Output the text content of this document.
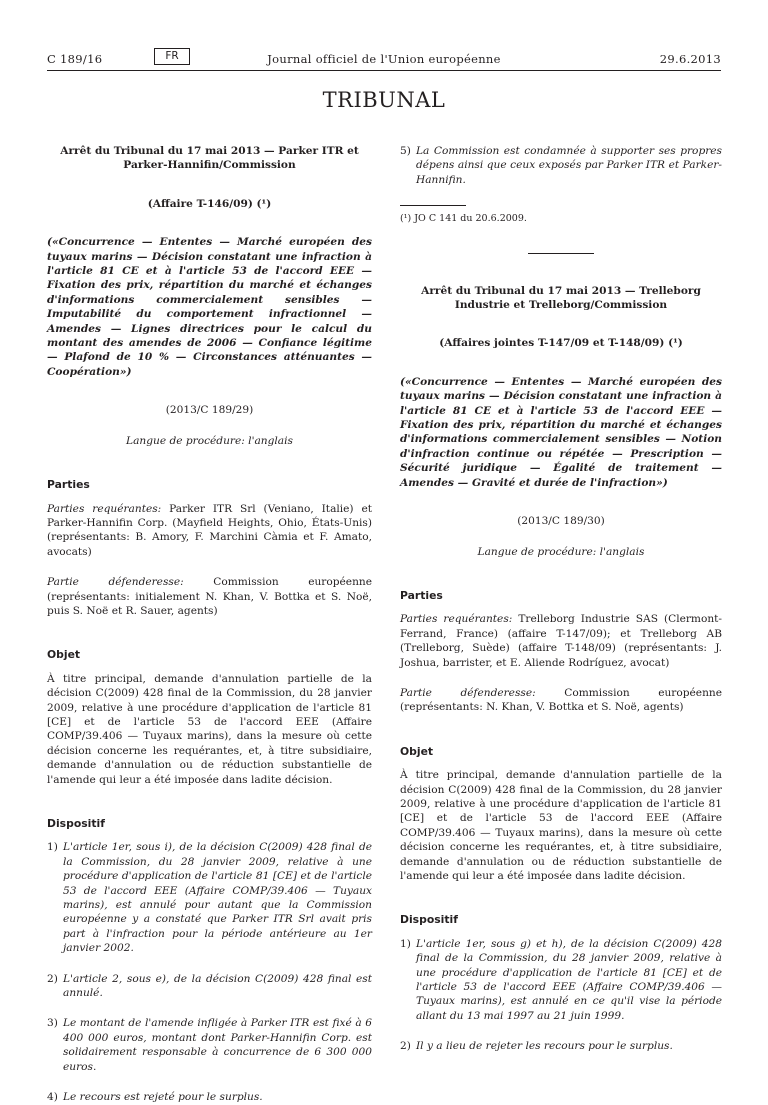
C 189/16	FR	Journal officiel de l'Union européenne	29.6.2013
TRIBUNAL

Arrêt du Tribunal du 17 mai 2013 — Parker ITR et Parker-Hannifin/Commission

(Affaire T-146/09) (¹)

(«Concurrence — Ententes — Marché européen des tuyaux marins — Décision constatant une infraction à l'article 81 CE et à l'article 53 de l'accord EEE — Fixation des prix, répartition du marché et échanges d'informations commercialement sensibles — Imputabilité du comportement infractionnel — Amendes — Lignes directrices pour le calcul du montant des amendes de 2006 — Confiance légitime — Plafond de 10 % — Circonstances atténuantes — Coopération»)

(2013/C 189/29)

Langue de procédure: l'anglais

Parties

Parties requérantes: Parker ITR Srl (Veniano, Italie) et Parker-Hannifin Corp. (Mayfield Heights, Ohio, États-Unis) (représentants: B. Amory, F. Marchini Càmia et F. Amato, avocats)

Partie défenderesse: Commission européenne (représentants: initialement N. Khan, V. Bottka et S. Noë, puis S. Noë et R. Sauer, agents)

Objet

À titre principal, demande d'annulation partielle de la décision C(2009) 428 final de la Commission, du 28 janvier 2009, relative à une procédure d'application de l'article 81 [CE] et de l'article 53 de l'accord EEE (Affaire COMP/39.406 — Tuyaux marins), dans la mesure où cette décision concerne les requérantes, et, à titre subsidiaire, demande d'annulation ou de réduction substantielle de l'amende qui leur a été imposée dans ladite décision.

Dispositif

1) L'article 1er, sous i), de la décision C(2009) 428 final de la Commission, du 28 janvier 2009, relative à une procédure d'application de l'article 81 [CE] et de l'article 53 de l'accord EEE (Affaire COMP/39.406 — Tuyaux marins), est annulé pour autant que la Commission européenne y a constaté que Parker ITR Srl avait pris part à l'infraction pour la période antérieure au 1er janvier 2002.
2) L'article 2, sous e), de la décision C(2009) 428 final est annulé.
3) Le montant de l'amende infligée à Parker ITR est fixé à 6 400 000 euros, montant dont Parker-Hannifin Corp. est solidairement responsable à concurrence de 6 300 000 euros.
4) Le recours est rejeté pour le surplus.
5) La Commission est condamnée à supporter ses propres dépens ainsi que ceux exposés par Parker ITR et Parker-Hannifin.

(¹) JO C 141 du 20.6.2009.

Arrêt du Tribunal du 17 mai 2013 — Trelleborg Industrie et Trelleborg/Commission

(Affaires jointes T-147/09 et T-148/09) (¹)

(«Concurrence — Ententes — Marché européen des tuyaux marins — Décision constatant une infraction à l'article 81 CE et à l'article 53 de l'accord EEE — Fixation des prix, répartition du marché et échanges d'informations commercialement sensibles — Notion d'infraction continue ou répétée — Prescription — Sécurité juridique — Égalité de traitement — Amendes — Gravité et durée de l'infraction»)

(2013/C 189/30)

Langue de procédure: l'anglais

Parties

Parties requérantes: Trelleborg Industrie SAS (Clermont-Ferrand, France) (affaire T-147/09); et Trelleborg AB (Trelleborg, Suède) (affaire T-148/09) (représentants: J. Joshua, barrister, et E. Aliende Rodríguez, avocat)

Partie défenderesse: Commission européenne (représentants: N. Khan, V. Bottka et S. Noë, agents)

Objet

À titre principal, demande d'annulation partielle de la décision C(2009) 428 final de la Commission, du 28 janvier 2009, relative à une procédure d'application de l'article 81 [CE] et de l'article 53 de l'accord EEE (Affaire COMP/39.406 — Tuyaux marins), dans la mesure où cette décision concerne les requérantes, et, à titre subsidiaire, demande d'annulation ou de réduction substantielle de l'amende qui leur a été imposée dans ladite décision.

Dispositif

1) L'article 1er, sous g) et h), de la décision C(2009) 428 final de la Commission, du 28 janvier 2009, relative à une procédure d'application de l'article 81 [CE] et de l'article 53 de l'accord EEE (Affaire COMP/39.406 — Tuyaux marins), est annulé en ce qu'il vise la période allant du 13 mai 1997 au 21 juin 1999.
2) Il y a lieu de rejeter les recours pour le surplus.
